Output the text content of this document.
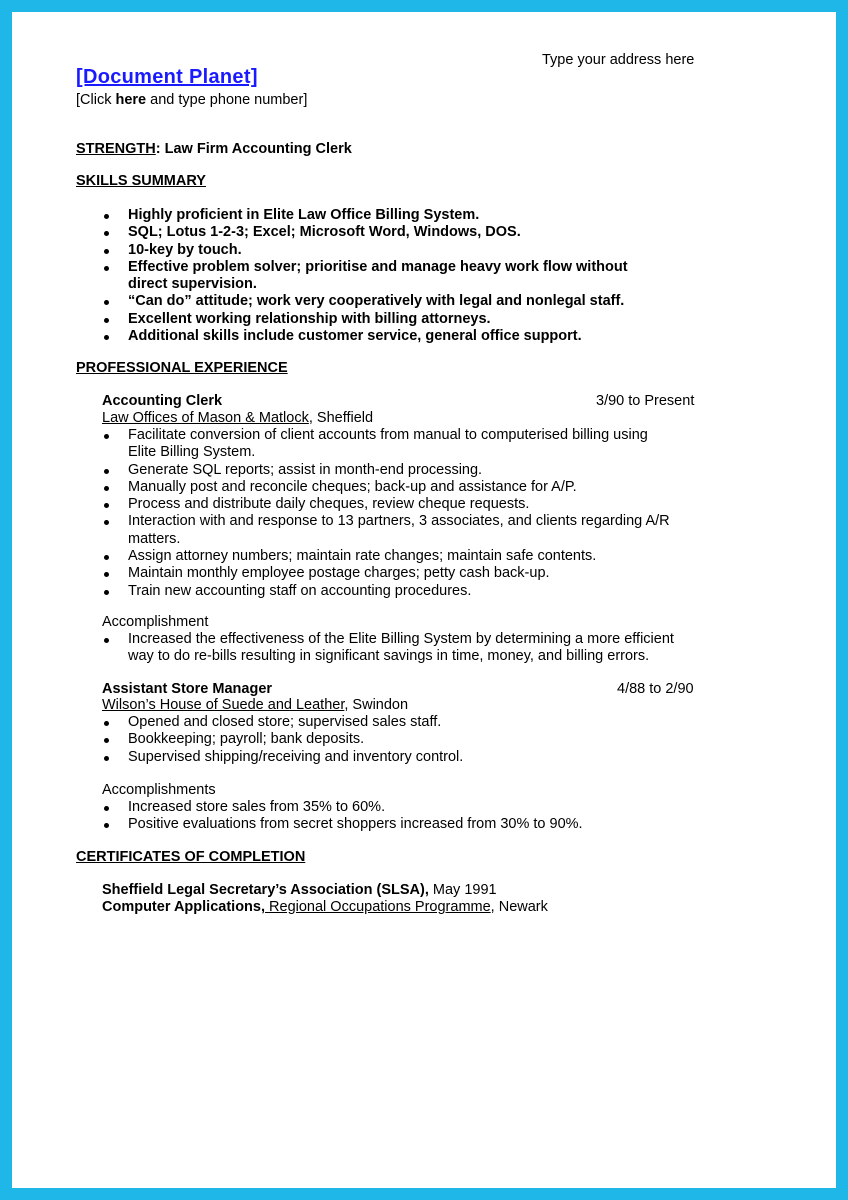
Type your address here
[Document Planet]
[Click here and type phone number]
STRENGTH: Law Firm Accounting Clerk
SKILLS SUMMARY
Highly proficient in Elite Law Office Billing System.
SQL; Lotus 1-2-3; Excel; Microsoft Word, Windows, DOS.
10-key by touch.
Effective problem solver; prioritise and manage heavy work flow without direct supervision.
“Can do” attitude; work very cooperatively with legal and nonlegal staff.
Excellent working relationship with billing attorneys.
Additional skills include customer service, general office support.
PROFESSIONAL EXPERIENCE
Accounting Clerk	3/90 to Present
Law Offices of Mason & Matlock, Sheffield
Facilitate conversion of client accounts from manual to computerised billing using Elite Billing System.
Generate SQL reports; assist in month-end processing.
Manually post and reconcile cheques; back-up and assistance for A/P.
Process and distribute daily cheques, review cheque requests.
Interaction with and response to 13 partners, 3 associates, and clients regarding A/R matters.
Assign attorney numbers; maintain rate changes; maintain safe contents.
Maintain monthly employee postage charges; petty cash back-up.
Train new accounting staff on accounting procedures.
Accomplishment
Increased the effectiveness of the Elite Billing System by determining a more efficient way to do re-bills resulting in significant savings in time, money, and billing errors.
Assistant Store Manager	4/88 to 2/90
Wilson’s House of Suede and Leather, Swindon
Opened and closed store; supervised sales staff.
Bookkeeping; payroll; bank deposits.
Supervised shipping/receiving and inventory control.
Accomplishments
Increased store sales from 35% to 60%.
Positive evaluations from secret shoppers increased from 30% to 90%.
CERTIFICATES OF COMPLETION
Sheffield Legal Secretary’s Association (SLSA), May 1991
Computer Applications, Regional Occupations Programme, Newark
